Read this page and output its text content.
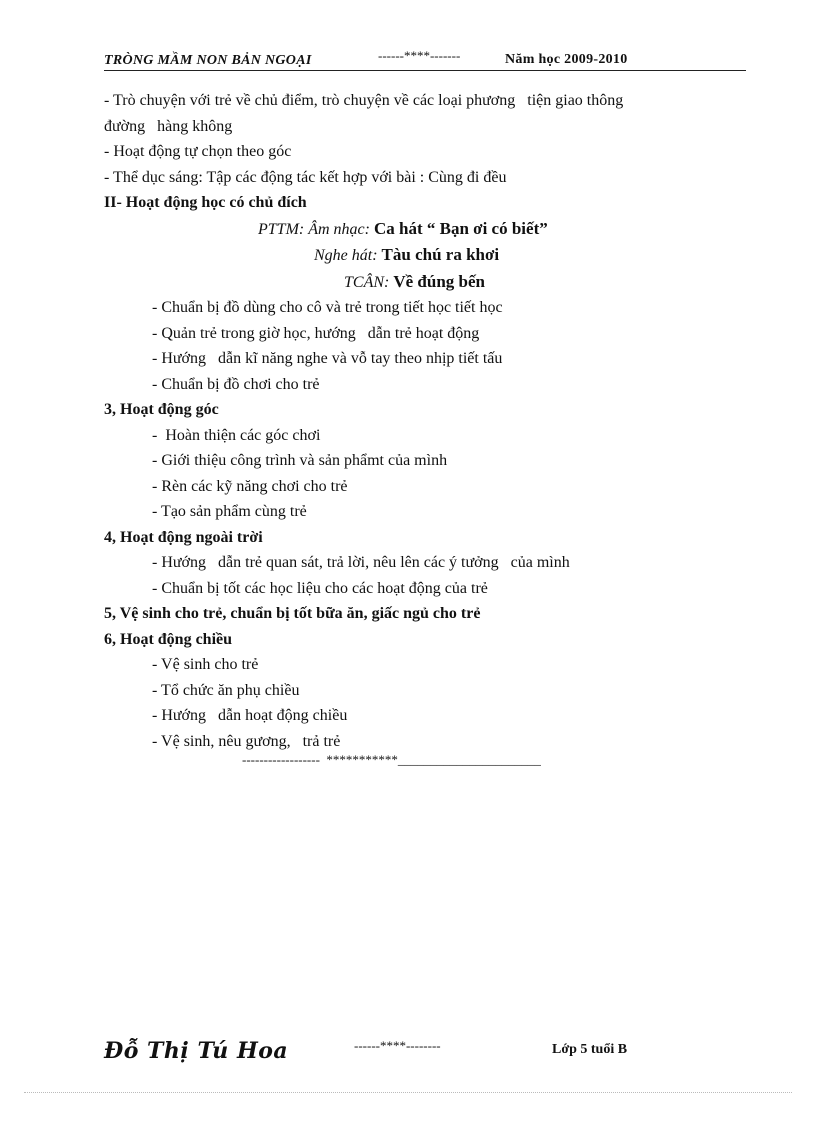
TRÒNG MẦM NON BẢN NGOẠI	------****-------	Năm học 2009-2010
- Trò chuyện với trẻ về chủ điểm, trò chuyện về các loại phương   tiện giao thông
đường   hàng không
- Hoạt động tự chọn theo góc
- Thể dục sáng: Tập các động tác kết hợp với bài : Cùng đi đều
II- Hoạt động học có chủ đích
PTTM: Âm nhạc: Ca hát “ Bạn ơi có biết”
Nghe hát: Tàu chú ra khơi
TCÂN: Về đúng bến
- Chuẩn bị đồ dùng cho cô và trẻ trong tiết học tiết học
- Quản trẻ trong giờ học, hướng   dẫn trẻ hoạt động
- Hướng   dẫn kĩ năng nghe và vỗ tay theo nhịp tiết tấu
- Chuẩn bị đồ chơi cho trẻ
3, Hoạt động góc
-  Hoàn thiện các góc chơi
- Giới thiệu công trình và sản phẩmt của mình
- Rèn các kỹ năng chơi cho trẻ
- Tạo sản phẩm cùng trẻ
4, Hoạt động ngoài trời
- Hướng   dẫn trẻ quan sát, trả lời, nêu lên các ý tưởng   của mình
- Chuẩn bị tốt các học liệu cho các hoạt động của trẻ
5, Vệ sinh cho trẻ, chuẩn bị tốt bữa ăn, giấc ngủ cho trẻ
6, Hoạt động chiều
- Vệ sinh cho trẻ
- Tổ chức ăn phụ chiều
- Hướng   dẫn hoạt động chiều
- Vệ sinh, nêu gương,   trả trẻ
------------------  ***********______________________
Đỗ Thị Tú Hoa	------****--------	Lớp 5 tuổi B
